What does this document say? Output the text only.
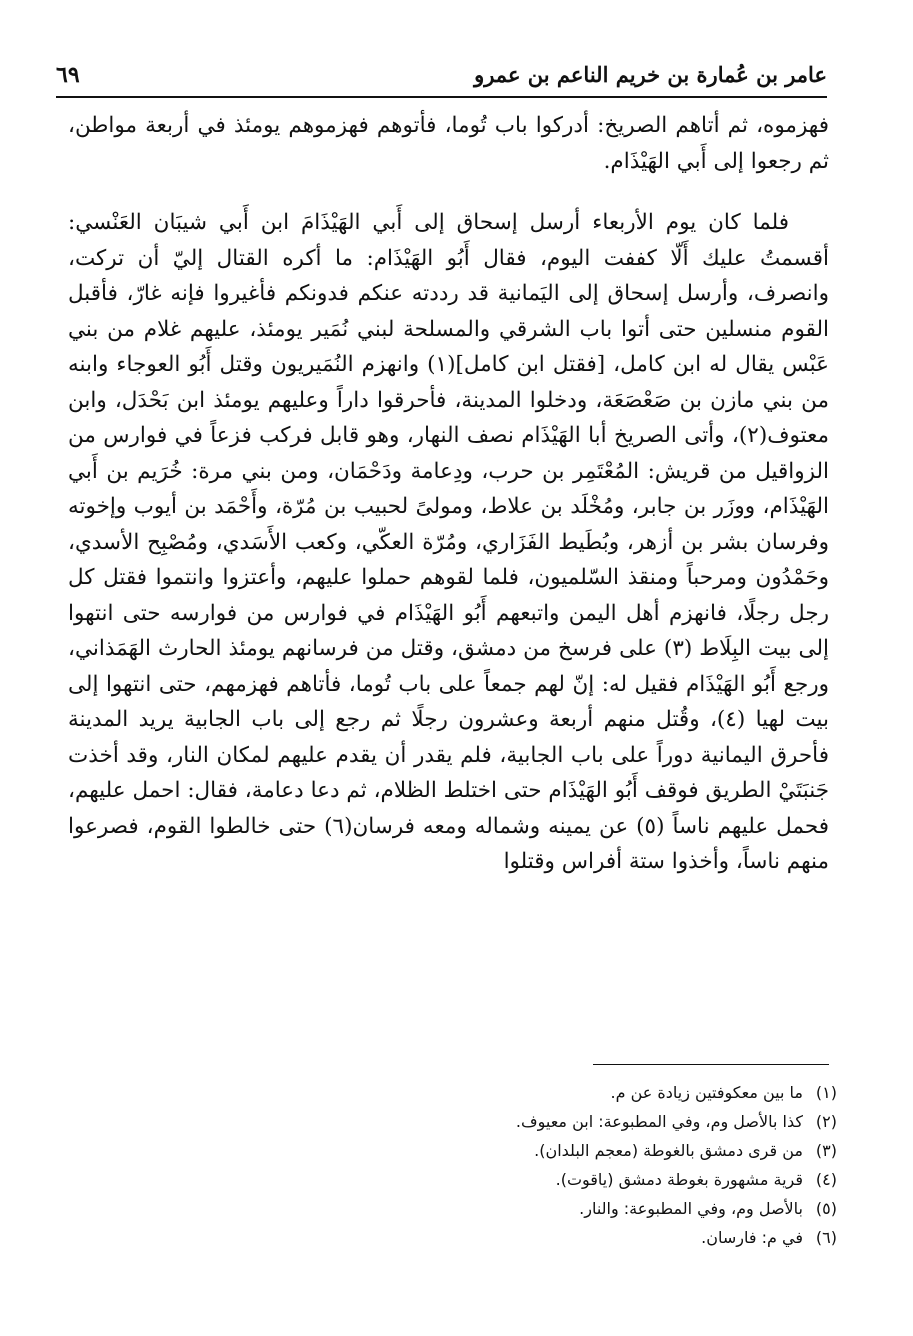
عامر بن عُمارة بن خريم الناعم بن عمرو
٦٩

فهزموه، ثم أتاهم الصريخ: أدركوا باب تُوما، فأتوهم فهزموهم يومئذ في أربعة مواطن، ثم رجعوا إلى أَبي الهَيْذَام.

فلما كان يوم الأربعاء أرسل إسحاق إلى أَبي الهَيْذَامَ ابن أَبي شيبَان العَنْسي: أقسمتُ عليك أَلّا كففت اليوم، فقال أَبُو الهَيْذَام: ما أكره القتال إليّ أن تركت، وانصرف، وأرسل إسحاق إلى اليَمانية قد رددته عنكم فدونكم فأغيروا فإنه غارّ، فأقبل القوم منسلين حتى أتوا باب الشرقي والمسلحة لبني نُمَير يومئذ، عليهم غلام من بني عَبْس يقال له ابن كامل، [فقتل ابن كامل](١) وانهزم النُمَيريون وقتل أَبُو العوجاء وابنه من بني مازن بن صَعْصَعَة، ودخلوا المدينة، فأحرقوا داراً وعليهم يومئذ ابن بَحْدَل، وابن معتوف(٢)، وأتى الصريخ أبا الهَيْذَام نصف النهار، وهو قابل فركب فزعاً في فوارس من الزواقيل من قريش: المُعْتَمِر بن حرب، ودِعامة ودَحْمَان، ومن بني مرة: خُرَيم بن أَبي الهَيْذَام، ووزَر بن جابر، ومُخْلَد بن علاط، ومولىً لحبيب بن مُرّة، وأَحْمَد بن أيوب وإخوته وفرسان بشر بن أزهر، وبُطَيط الفَزَاري، ومُرّة العكّي، وكعب الأَسَدي، ومُصْبِح الأسدي، وحَمْدُون ومرحباً ومنقذ السّلميون، فلما لقوهم حملوا عليهم، وأعتزوا وانتموا فقتل كل رجل رجلًا، فانهزم أهل اليمن واتبعهم أَبُو الهَيْذَام في فوارس من فوارسه حتى انتهوا إلى بيت البِلَاط (٣) على فرسخ من دمشق، وقتل من فرسانهم يومئذ الحارث الهَمَذاني، ورجع أَبُو الهَيْذَام فقيل له: إنّ لهم جمعاً على باب تُوما، فأتاهم فهزمهم، حتى انتهوا إلى بيت لهيا (٤)، وقُتل منهم أربعة وعشرون رجلًا ثم رجع إلى باب الجابية يريد المدينة فأحرق اليمانية دوراً على باب الجابية، فلم يقدر أن يقدم عليهم لمكان النار، وقد أخذت جَنبَتَيْ الطريق فوقف أَبُو الهَيْذَام حتى اختلط الظلام، ثم دعا دعامة، فقال: احمل عليهم، فحمل عليهم ناساً (٥) عن يمينه وشماله ومعه فرسان(٦) حتى خالطوا القوم، فصرعوا منهم ناساً، وأخذوا ستة أفراس وقتلوا

(١)
ما بين معكوفتين زيادة عن م.
(٢)
كذا بالأصل وم، وفي المطبوعة: ابن معيوف.
(٣)
من قرى دمشق بالغوطة (معجم البلدان).
(٤)
قرية مشهورة بغوطة دمشق (ياقوت).
(٥)
بالأصل وم، وفي المطبوعة: والنار.
(٦)
في م: فارسان.
